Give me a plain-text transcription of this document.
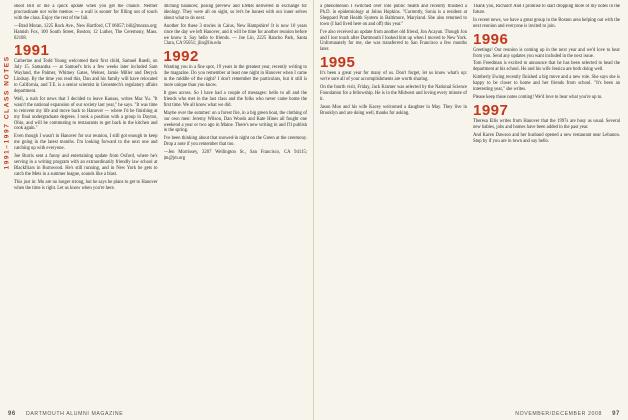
1991–1997 CLASS NOTES

shoot Bill or me a quick update when you get the chance. Neither procrastinate nor write memos — a wall is sooner for filling out of touch with the class. Enjoy the rest of the fall.

—Brad Moran, 1225 Rock Ave., New Hartford, CT 06057; bill@moran.org; Hamish Fox, 100 South Street, Boston; 12 Luther, The Ceremony, Mass. 02108.

1991

Catherine and Todd Young welcomed their first child, Samuel Ruedi, on July 15. Samantha — at Samuel's bris a few weeks later included Sam Wayland, the Palmer, Whitney Gates, Weiner, Jamie Miller and Deryck Lindsay. By the time you read this, Dan and his family will have relocated to California, and T.E. is a senior scientist in Genentech's regulatory affairs department.

Well, a rush for news that I decided to leave Kansas, writes Mac Yu. "It wasn't the national expansion of our society last year," he says. "It was time to reinvent my life and move back to Hanover — where I'd be finishing at my final undergraduate degrees. I took a position with a group in Dayton, Ohio, and will be commuting to restaurants to get back in the kitchen and cook again."

Even though I wasn't in Hanover for our reunion, I still got enough to keep me going in the latest months. I'm looking forward to the next one and catching up with everyone.

Joe Burris sent a funny and entertaining update from Oxford, where he's serving in a writing program with an extraordinarily friendly law school at Blackfriars in Burnwood. He's still running, and in New York he gets to catch the Mets in a summer league, sounds like a blast.

This just in: Mo are no longer strong, but he says he plans to get to Hanover when the time is right. Let us know when you're here.

ditching balances; posing preview and EMBs delivered in exchange for ideology. They were all on sight, so let's be honest with our inner selves about what to do next.

Another for these 3 stories in Caius, New Hampshire! It is now 10 years since the day we left Hanover, and it will be time for another reunion before we know it. Say hello to friends. — Joe Lin, 2225 Rancho Park, Santa Clara, CA 95051; jlin@lin.edu

1992

Wanting you in a fine spot, 19 years in the greatest year, recently writing to the magazine. Do you remember at least one night in Hanover when I came in the middle of the night? I don't remember the particulars, but it still is more unique than you know.

It goes across. So I have had a couple of messages: hello to all and the friends who met in the last class and the folks who never came home the first time. We all know what we did.

Maybe over the summer: on a forest fire, in a big green boat, the clothing of our own men: Jeremy Wilson, Dan Woods and Kate Hines all fought one weekend a year or two ago in Maine. There's new writing in and I'll publish in the spring.

I've been thinking about that snowed-in night on the Green at the ceremony. Drop a note if you remember that too.

—Jen Morrissey, 3207 Wellington St., San Francisco, CA 94115; jm@jm.org

96 DARTMOUTH ALUMNI MAGAZINE

a phenomenon I switched over into public health and recently finished a Ph.D. in epidemiology at Johns Hopkins. "Currently, Sonia is a resident at Sheppard Pratt Health System in Baltimore, Maryland. She also returned to town (I had lived here on and off) this year."

I've also received an update from another old friend, Jon Acayan. Though Jon and I lost touch after Dartmouth I looked him up when I moved to New York. Unfortunately for me, she was transferred to San Francisco a few months later.

1995

It's been a great year for many of us. Don't forget, let us know what's up: we're sure all of your accomplishments are worth sharing.

On the fourth visit, Friday, Jack Kramer was selected by the National Science Foundation for a fellowship. He is in the Midwest and loving every minute of it.

Jason Moo and his wife Kacey welcomed a daughter in May. They live in Brooklyn and are doing well, thanks for asking.

Thank you, Richard! And I promise to start dropping more of my notes in the future.

In recent news, we have a great group in the Boston area helping out with the next reunion and everyone is invited to join.

1996

Greetings! Our reunion is coming up in the next year and we'd love to hear from you. Send any updates you want included in the next issue.

Tom Freedman is excited to announce that he has been selected to head the department at his school. He and his wife Jessica are both doing well.

Kimberly Ewing recently finished a big move and a new role. She says she is happy to be closer to home and her friends from school. "It's been an interesting year," she writes.

Please keep those notes coming! We'd love to hear what you're up to.

1997

Theresa Ellis writes from Hanover that the 1997s are busy as usual. Several new babies, jobs and homes have been added in the past year.

And Karen Dawson and her husband opened a new restaurant near Lebanon. Stop by if you are in town and say hello.

NOVEMBER/DECEMBER 2008 97
